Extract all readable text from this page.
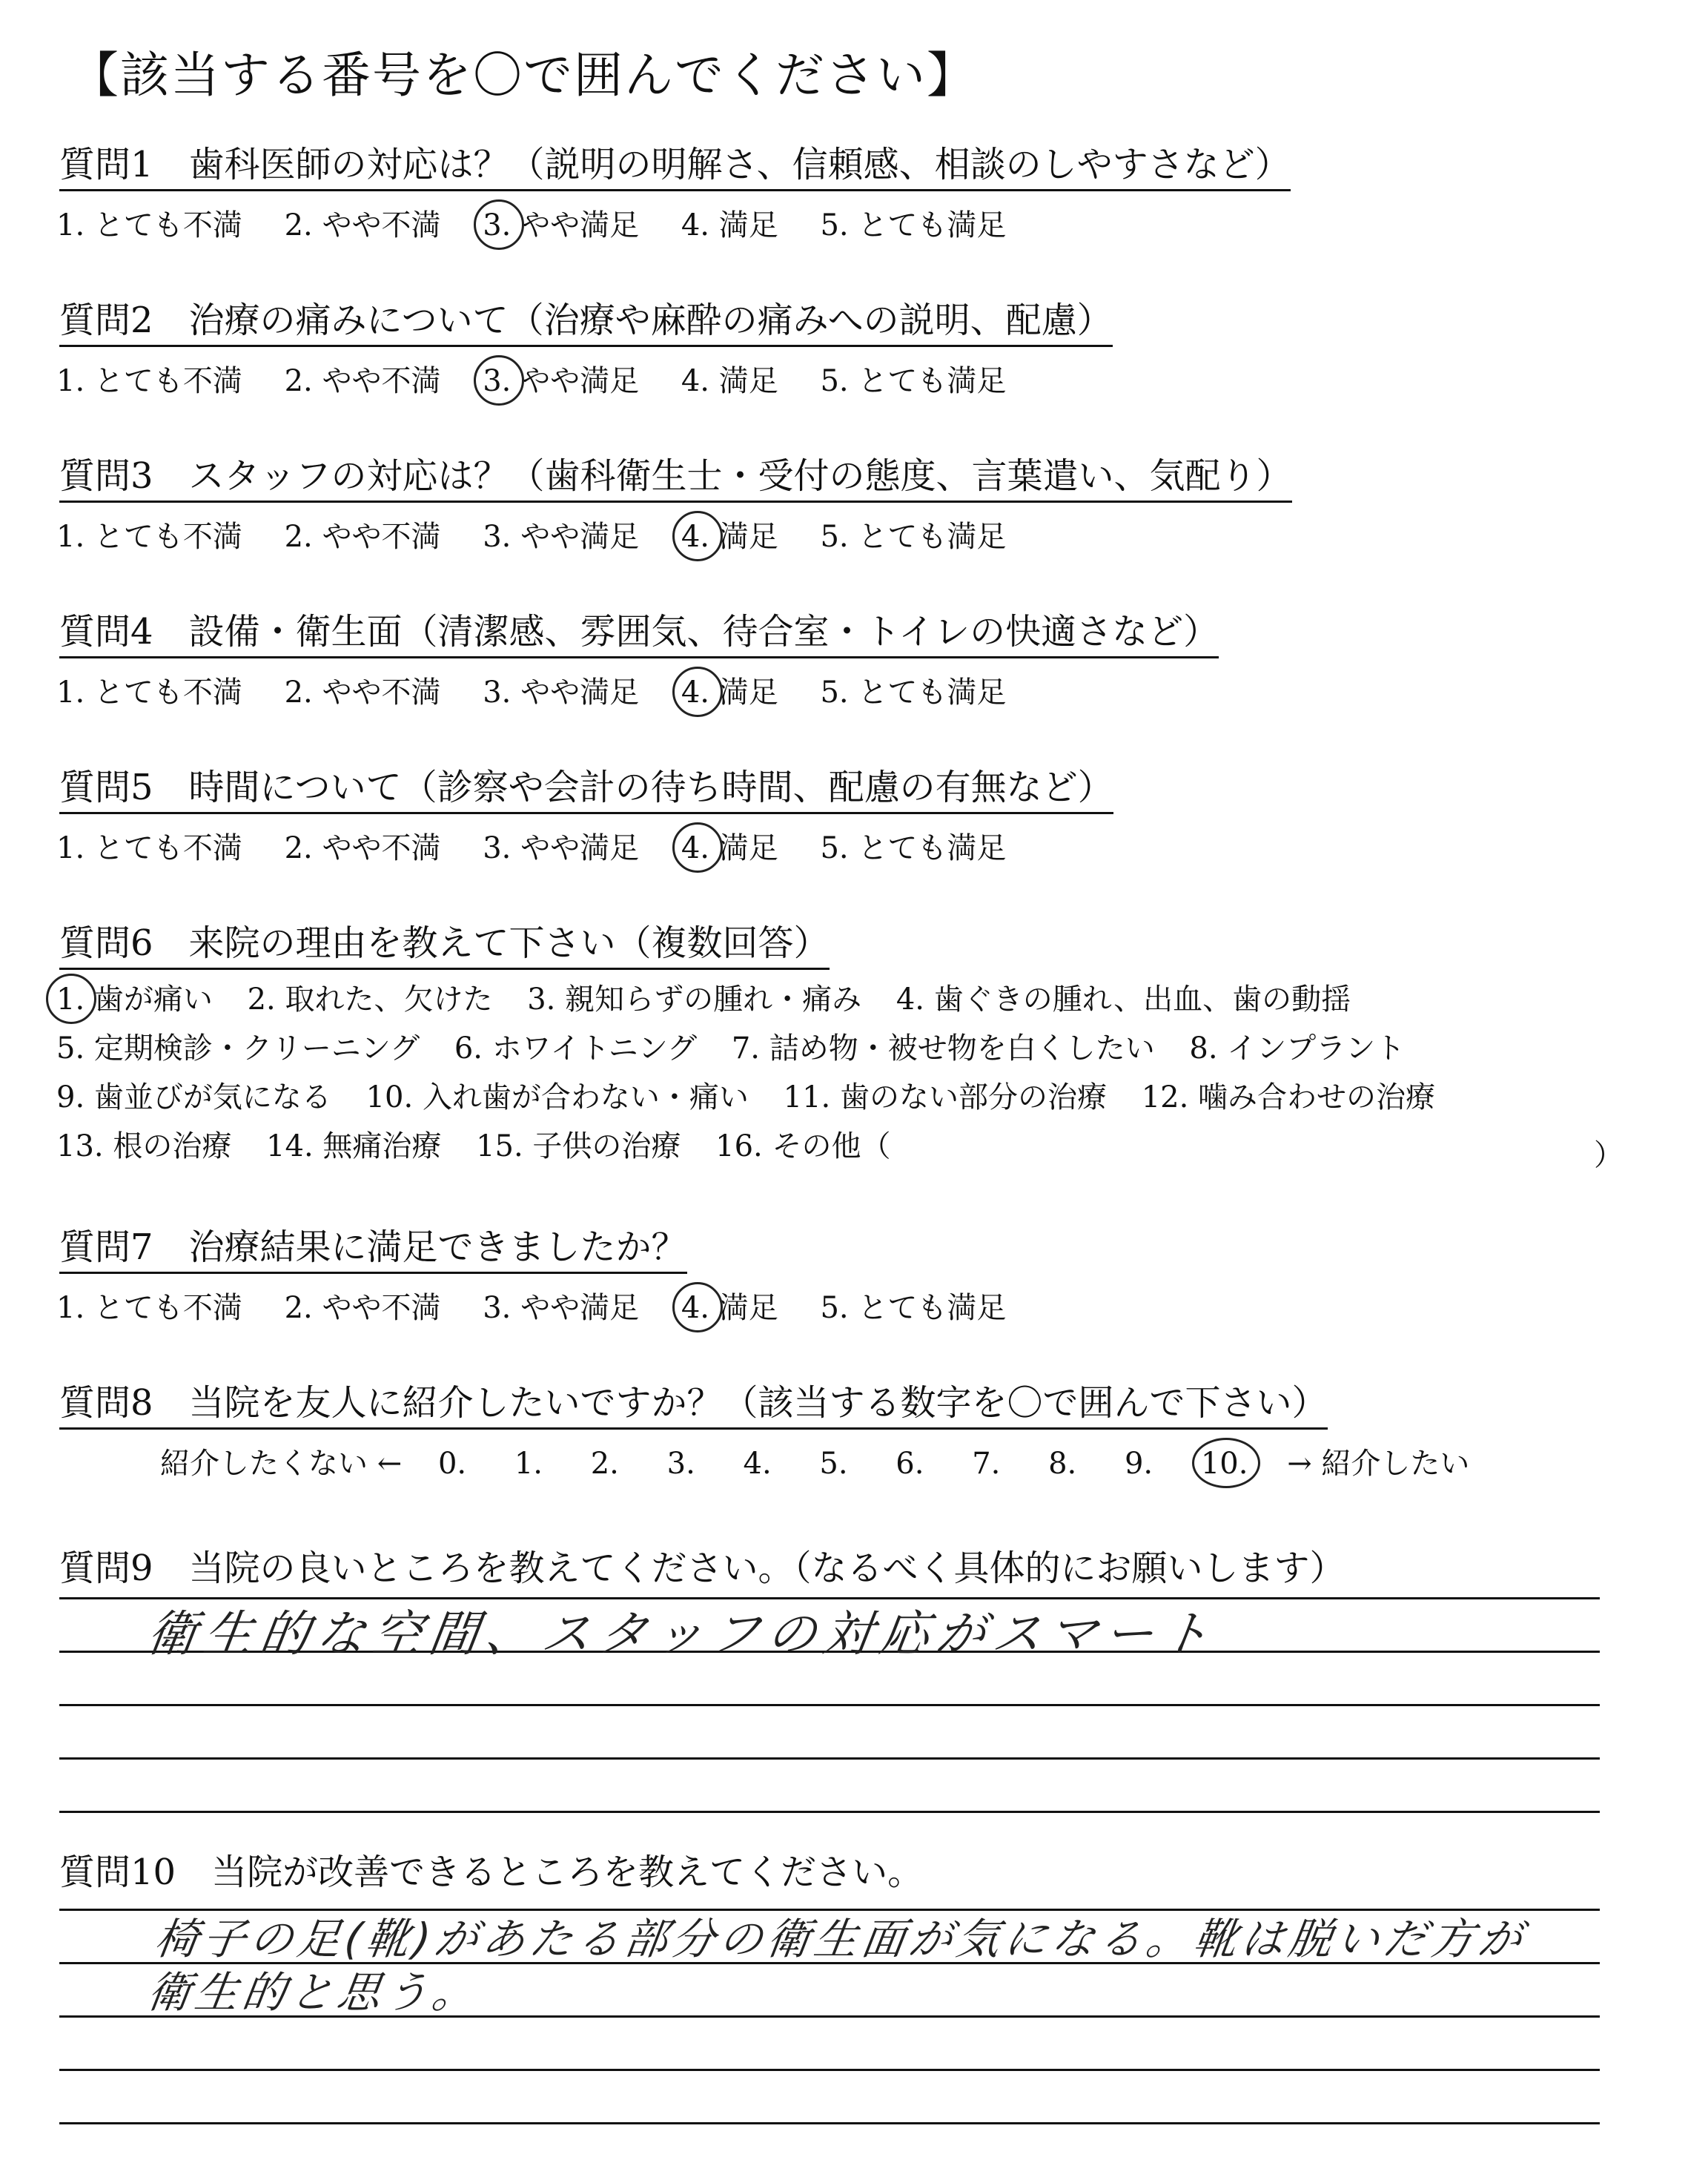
【該当する番号を〇で囲んでください】
質問1　歯科医師の対応は？（説明の明解さ、信頼感、相談のしやすさなど）
1. とても不満 2. やや不満 3. やや満足 4. 満足 5. とても満足
質問2　治療の痛みについて（治療や麻酔の痛みへの説明、配慮）
1. とても不満 2. やや不満 3. やや満足 4. 満足 5. とても満足
質問3　スタッフの対応は？（歯科衛生士・受付の態度、言葉遣い、気配り）
1. とても不満 2. やや不満 3. やや満足 4. 満足 5. とても満足
質問4　設備・衛生面（清潔感、雰囲気、待合室・トイレの快適さなど）
1. とても不満 2. やや不満 3. やや満足 4. 満足 5. とても満足
質問5　時間について（診察や会計の待ち時間、配慮の有無など）
1. とても不満 2. やや不満 3. やや満足 4. 満足 5. とても満足
質問6　来院の理由を教えて下さい（複数回答）
1. 歯が痛い 2. 取れた、欠けた 3. 親知らずの腫れ・痛み 4. 歯ぐきの腫れ、出血、歯の動揺
5. 定期検診・クリーニング 6. ホワイトニング 7. 詰め物・被せ物を白くしたい 8. インプラント
9. 歯並びが気になる 10. 入れ歯が合わない・痛い 11. 歯のない部分の治療 12. 噛み合わせの治療
13. 根の治療 14. 無痛治療 15. 子供の治療 16. その他（	）
質問7　治療結果に満足できましたか？
1. とても不満 2. やや不満 3. やや満足 4. 満足 5. とても満足
質問8　当院を友人に紹介したいですか？（該当する数字を〇で囲んで下さい）
紹介したくない ← 0. 1. 2. 3. 4. 5. 6. 7. 8. 9. 10. → 紹介したい
質問9　当院の良いところを教えてください。（なるべく具体的にお願いします）
衛生的な空間、スタッフの対応がスマート
質問10　当院が改善できるところを教えてください。
椅子の足(靴)があたる部分の衛生面が気になる。靴は脱いだ方が
衛生的と思う。
